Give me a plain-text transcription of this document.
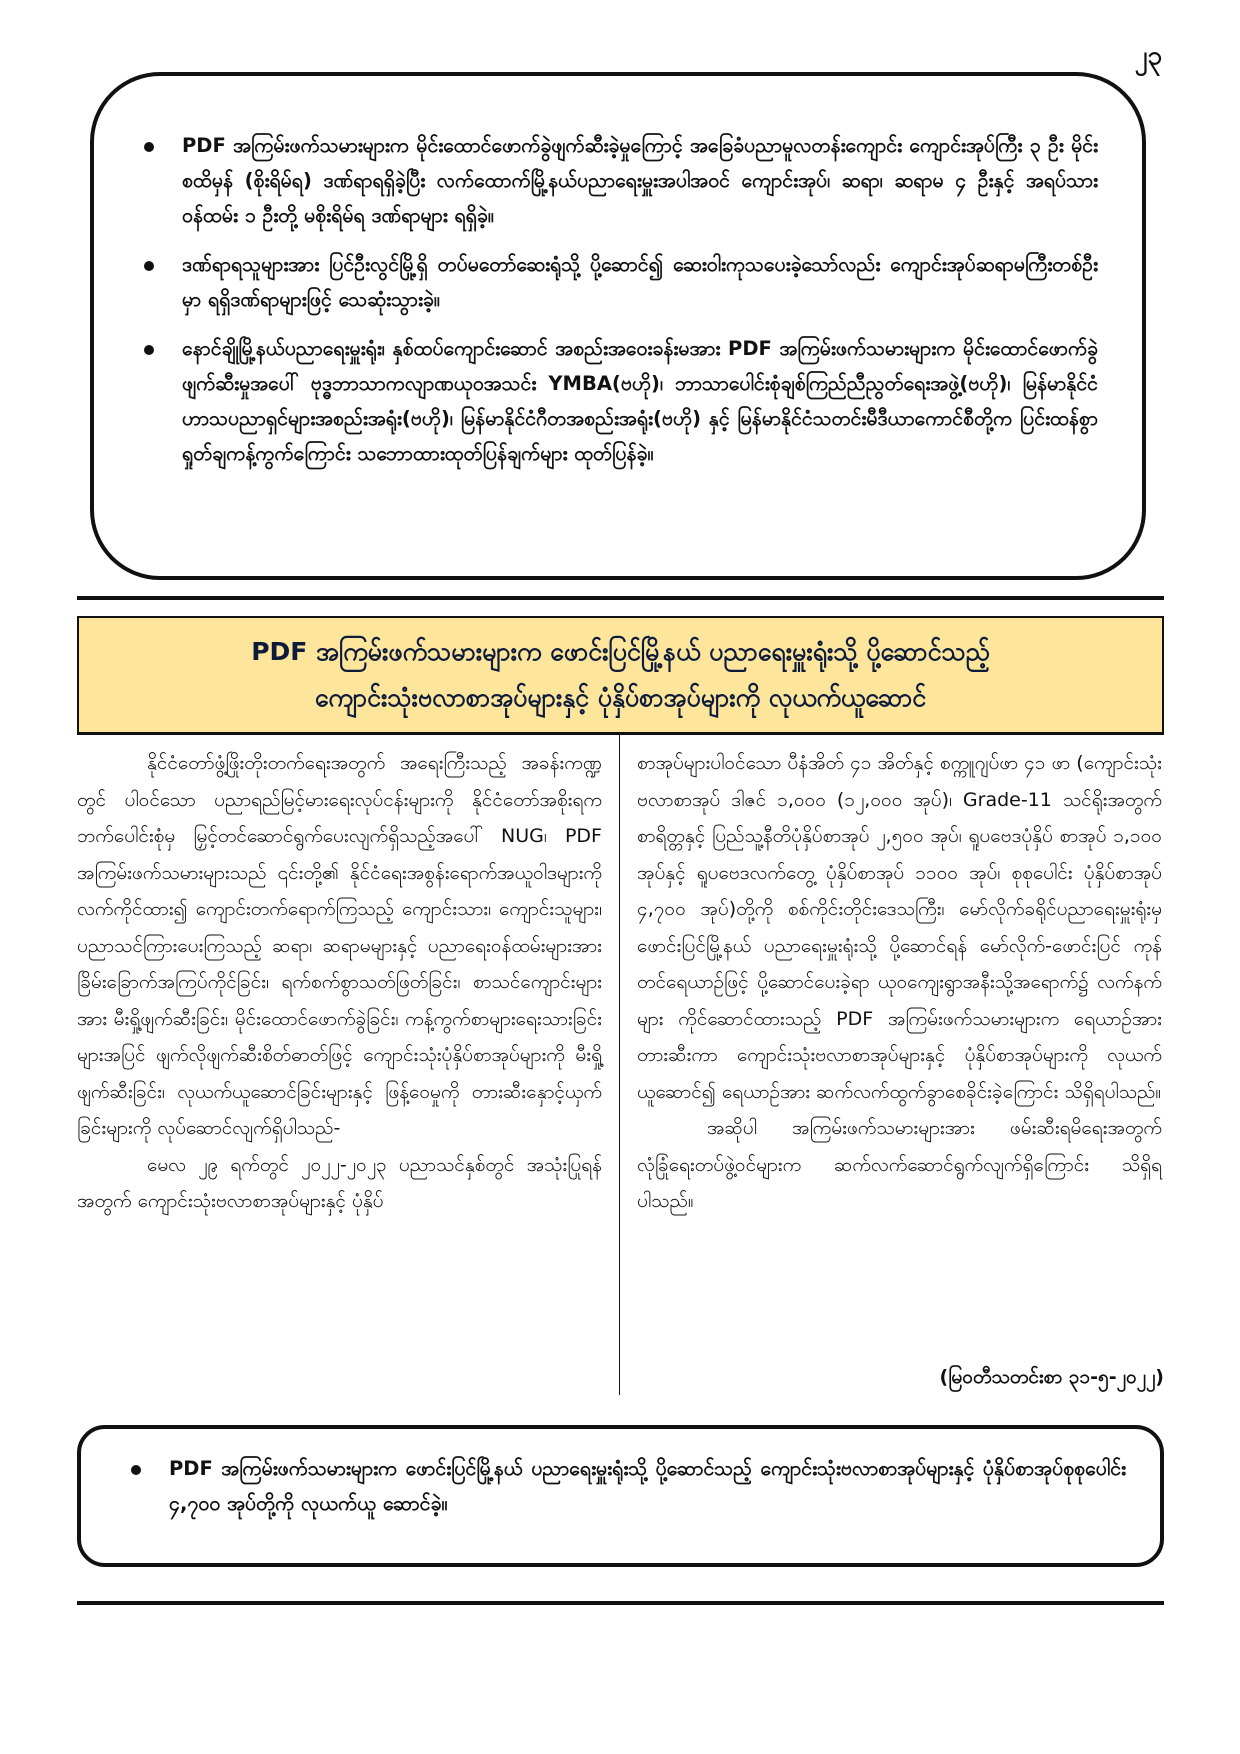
၂၃

PDF အကြမ်းဖက်သမားများက မိုင်းထောင်ဖောက်ခွဲဖျက်ဆီးခဲ့မှုကြောင့် အခြေခံပညာမူလတန်းကျောင်း ကျောင်းအုပ်ကြီး ၃ ဦး မိုင်းစထိမှန် (စိုးရိမ်ရ) ဒဏ်ရာရရှိခဲ့ပြီး လက်ထောက်မြို့နယ်ပညာရေးမှူးအပါအဝင် ကျောင်းအုပ်၊ ဆရာ၊ ဆရာမ ၄ ဦးနှင့် အရပ်သားဝန်ထမ်း ၁ ဦးတို့ မစိုးရိမ်ရ ဒဏ်ရာများ ရရှိခဲ့။
ဒဏ်ရာရသူများအား ပြင်ဦးလွင်မြို့ရှိ တပ်မတော်ဆေးရုံသို့ ပို့ဆောင်၍ ဆေးဝါးကုသပေးခဲ့သော်လည်း ကျောင်းအုပ်ဆရာမကြီးတစ်ဦးမှာ ရရှိဒဏ်ရာများဖြင့် သေဆုံးသွားခဲ့။
နောင်ချိုမြို့နယ်ပညာရေးမှူးရုံး၊ နှစ်ထပ်ကျောင်းဆောင် အစည်းအဝေးခန်းမအား PDF အကြမ်းဖက်သမားများက မိုင်းထောင်ဖောက်ခွဲဖျက်ဆီးမှုအပေါ် ဗုဒ္ဓဘာသာကလျာဏယုဝအသင်း YMBA(ဗဟို)၊ ဘာသာပေါင်းစုံချစ်ကြည်ညီညွတ်ရေးအဖွဲ့(ဗဟို)၊ မြန်မာနိုင်ငံဟာသပညာရှင်များအစည်းအရုံး(ဗဟို)၊ မြန်မာနိုင်ငံဂီတအစည်းအရုံး(ဗဟို) နှင့် မြန်မာနိုင်ငံသတင်းမီဒီယာကောင်စီတို့က ပြင်းထန်စွာ ရှုတ်ချကန့်ကွက်ကြောင်း သဘောထားထုတ်ပြန်ချက်များ ထုတ်ပြန်ခဲ့။

PDF အကြမ်းဖက်သမားများက ဖောင်းပြင်မြို့နယ် ပညာရေးမှူးရုံးသို့ ပို့ဆောင်သည့်

ကျောင်းသုံးဗလာစာအုပ်များနှင့် ပုံနှိပ်စာအုပ်များကို လုယက်ယူဆောင်

နိုင်ငံတော်ဖွံ့ဖြိုးတိုးတက်ရေးအတွက် အရေးကြီးသည့် အခန်းကဏ္ဍတွင် ပါဝင်သော ပညာရည်မြင့်မားရေးလုပ်ငန်းများကို နိုင်ငံတော်အစိုးရက ဘက်ပေါင်းစုံမှ မြှင့်တင်ဆောင်ရွက်ပေးလျက်ရှိသည့်အပေါ် NUG၊ PDF အကြမ်းဖက်သမားများသည် ၎င်းတို့၏ နိုင်ငံရေးအစွန်းရောက်အယူဝါဒများကို လက်ကိုင်ထား၍ ကျောင်းတက်ရောက်ကြသည့် ကျောင်းသား၊ ကျောင်းသူများ၊ ပညာသင်ကြားပေးကြသည့် ဆရာ၊ ဆရာမများနှင့် ပညာရေးဝန်ထမ်းများအား ခြိမ်းခြောက်အကြပ်ကိုင်ခြင်း၊ ရက်စက်စွာသတ်ဖြတ်ခြင်း၊ စာသင်ကျောင်းများအား မီးရှို့ဖျက်ဆီးခြင်း၊ မိုင်းထောင်ဖောက်ခွဲခြင်း၊ ကန့်ကွက်စာများရေးသားခြင်းများအပြင် ဖျက်လိုဖျက်ဆီးစိတ်ဓာတ်ဖြင့် ကျောင်းသုံးပုံနှိပ်စာအုပ်များကို မီးရှို့ဖျက်ဆီးခြင်း၊ လုယက်ယူဆောင်ခြင်းများနှင့် ဖြန့်ဝေမှုကို တားဆီးနှောင့်ယှက်ခြင်းများကို လုပ်ဆောင်လျက်ရှိပါသည်-

မေလ ၂၉ ရက်တွင် ၂၀၂၂-၂၀၂၃ ပညာသင်နှစ်တွင် အသုံးပြုရန်အတွက် ကျောင်းသုံးဗလာစာအုပ်များနှင့် ပုံနှိပ်

စာအုပ်များပါဝင်သော ပီနံအိတ် ၄၁ အိတ်နှင့် စက္ကူဂျပ်ဖာ ၄၁ ဖာ (ကျောင်းသုံးဗလာစာအုပ် ဒါဇင် ၁,၀၀၀ (၁၂,၀၀၀ အုပ်)၊ Grade-11 သင်ရိုးအတွက် စာရိတ္တနှင့် ပြည်သူ့နီတိပုံနှိပ်စာအုပ် ၂,၅၀၀ အုပ်၊ ရူပဗေဒပုံနှိပ် စာအုပ် ၁,၁၀၀ အုပ်နှင့် ရူပဗေဒလက်တွေ့ ပုံနှိပ်စာအုပ် ၁၁၀၀ အုပ်၊ စုစုပေါင်း ပုံနှိပ်စာအုပ် ၄,၇၀၀ အုပ်)တို့ကို စစ်ကိုင်းတိုင်းဒေသကြီး၊ မော်လိုက်ခရိုင်ပညာရေးမှူးရုံးမှ ဖောင်းပြင်မြို့နယ် ပညာရေးမှူးရုံးသို့ ပို့ဆောင်ရန် မော်လိုက်-ဖောင်းပြင် ကုန်တင်ရေယာဉ်ဖြင့် ပို့ဆောင်ပေးခဲ့ရာ ယုဝကျေးရွာအနီးသို့အရောက်၌ လက်နက်များ ကိုင်ဆောင်ထားသည့် PDF အကြမ်းဖက်သမားများက ရေယာဉ်အား တားဆီးကာ ကျောင်းသုံးဗလာစာအုပ်များနှင့် ပုံနှိပ်စာအုပ်များကို လုယက်ယူဆောင်၍ ရေယာဉ်အား ဆက်လက်ထွက်ခွာစေခိုင်းခဲ့ကြောင်း သိရှိရပါသည်။

အဆိုပါ အကြမ်းဖက်သမားများအား ဖမ်းဆီးရမိရေးအတွက် လုံခြုံရေးတပ်ဖွဲ့ဝင်များက ဆက်လက်ဆောင်ရွက်လျက်ရှိကြောင်း သိရှိရပါသည်။

(မြဝတီသတင်းစာ ၃၁-၅-၂၀၂၂)

PDF အကြမ်းဖက်သမားများက ဖောင်းပြင်မြို့နယ် ပညာရေးမှူးရုံးသို့ ပို့ဆောင်သည့် ကျောင်းသုံးဗလာစာအုပ်များနှင့် ပုံနှိပ်စာအုပ်စုစုပေါင်း ၄,၇၀၀ အုပ်တို့ကို လုယက်ယူ ဆောင်ခဲ့။
